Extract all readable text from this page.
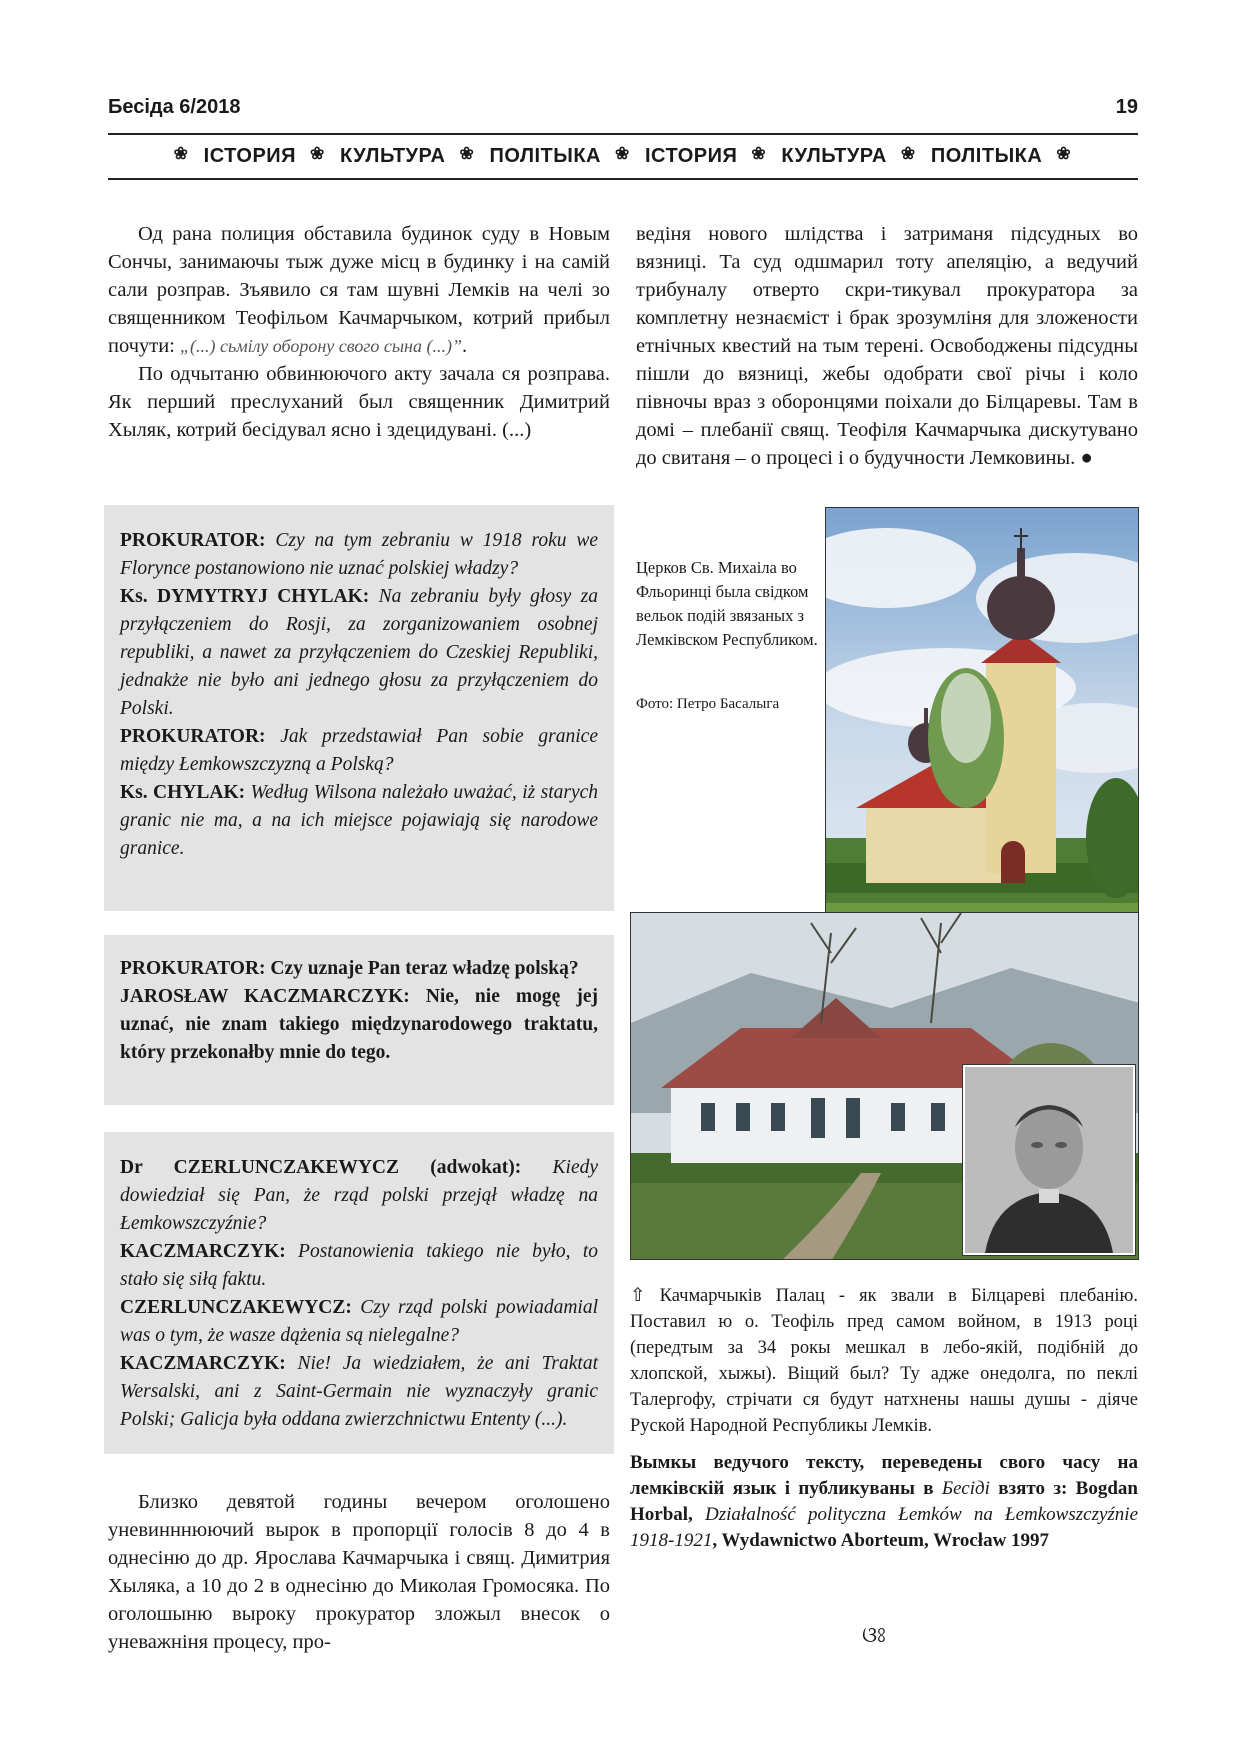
Бесіда 6/2018	19
❀
ІСТОРИЯ ❀ КУЛЬТУРА ❀ ПОЛІТЫКА ❀ ІСТОРИЯ ❀ КУЛЬТУРА ❀ ПОЛІТЫКА
❀

Од рана полиция обставила будинок суду в Новым Сончы, занимаючы тыж дуже місц в будинку і на самій сали розправ. Зъявило ся там шувні Лемків на челі зо священником Теофільом Качмарчыком, котрий прибыл почути: „(...) сьмілу оборону свого сына (...)”.

По одчытаню обвинюючого акту зачала ся розправа. Як перший преслуханий был священник Димитрий Хыляк, котрий бесідувал ясно і здецидувані. (...)

PROKURATOR: Czy na tym zebraniu w 1918 roku we Florynce postanowiono nie uznać polskiej władzy?
Ks. DYMYTRYJ CHYLAK: Na zebraniu były głosy za przyłączeniem do Rosji, za zorganizowaniem osobnej republiki, a nawet za przyłączeniem do Czeskiej Republiki, jednakże nie było ani jednego głosu za przyłączeniem do Polski.
PROKURATOR: Jak przedstawiał Pan sobie granice między Łemkowszczyzną a Polską?
Ks. CHYLAK: Według Wilsona należało uważać, iż starych granic nie ma, a na ich miejsce pojawiają się narodowe granice.

PROKURATOR: Czy uznaje Pan teraz władzę polską?
JAROSŁAW KACZMARCZYK: Nie, nie mogę jej uznać, nie znam takiego międzynarodowego traktatu, który przekonałby mnie do tego.

Dr CZERLUNCZAKEWYCZ (adwokat): Kiedy dowiedział się Pan, że rząd polski przejął władzę na Łemkowszczyźnie?
KACZMARCZYK: Postanowienia takiego nie było, to stało się siłą faktu.
CZERLUNCZAKEWYCZ: Czy rząd polski powiadamial was o tym, że wasze dążenia są nielegalne?
KACZMARCZYK: Nie! Ja wiedziałem, że ani Traktat Wersalski, ani z Saint-Germain nie wyznaczyły granic Polski; Galicja była oddana zwierzchnictwu Ententy (...).

Близко девятой годины вечером оголошено уневинннюючий вырок в пропорції голосів 8 до 4 в однесіню до др. Ярослава Качмарчыка і свящ. Димитрия Хыляка, а 10 до 2 в однесіню до Миколая Громосяка. По оголошыню выроку прокуратор зложыл внесок о уневажніня процесу, про-

ведіня нового шлідства і затриманя підсудных во вязниці. Та суд одшмарил тоту апеляцію, а ведучий трибуналу отверто скри-тикувал прокуратора за комплетну незнаєміст і брак зрозумліня для зложености етнічных квестий на тым терені. Освободжены підсудны пішли до вязниці, жебы одобрати свої річы і коло півночы враз з оборонцями поіхали до Білцаревы. Там в домі – плебанії свящ. Теофіля Качмарчыка дискутувано до свитаня – о процесі і о будучности Лемковины. ●

Церков Св. Михаіла во Фльоринці была свідком вельок подій звязаных з Лемківском Республиком.
Фото: Петро Басалыга
⇧ Качмарчыків Палац - як звали в Білцареві плебанію. Поставил ю о. Теофіль пред самом войном, в 1913 році (передтым за 34 рокы мешкал в лебо-якій, подібній до хлопской, хыжы). Віщий был? Ту адже онедолга, по пеклі Талергофу, стрічати ся будут натхнены нашы душы - діяче Руской Народной Республикы Лемків.
Вымкы ведучого тексту, переведены свого часу на лемківскій язык і публикуваны в Бесіді взято з: Bogdan Horbal, Działalność polityczna Łemków na Łemkowszczyźnie 1918-1921, Wydawnictwo Aborteum, Wrocław 1997
ଓଃ
